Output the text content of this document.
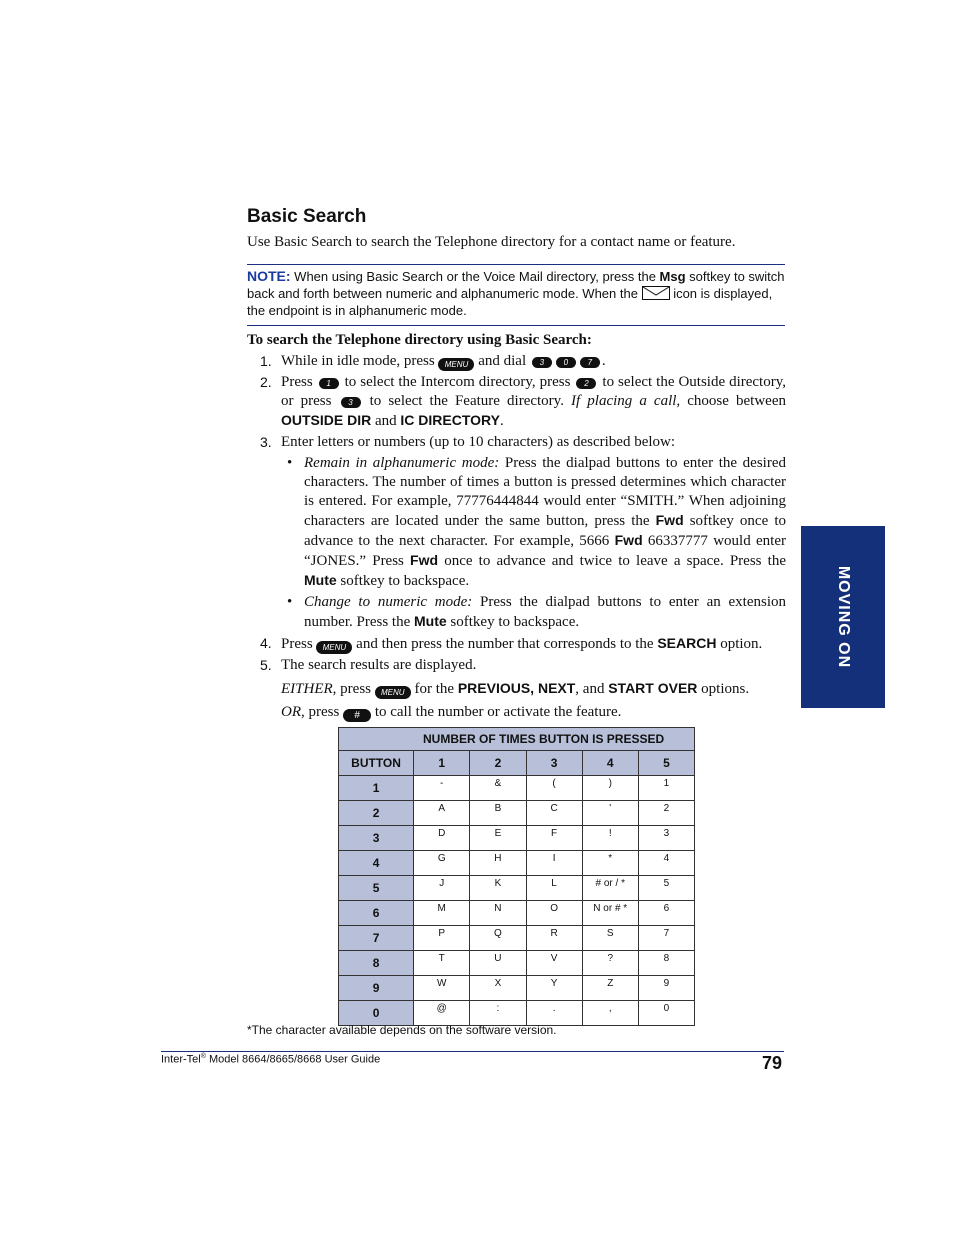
Basic Search
Use Basic Search to search the Telephone directory for a contact name or feature.
NOTE: When using Basic Search or the Voice Mail directory, press the Msg softkey to switch back and forth between numeric and alphanumeric mode. When the  icon is displayed, the endpoint is in alphanumeric mode.
To search the Telephone directory using Basic Search:
1. While in idle mode, press MENU and dial 3 0 7 .
2. Press 1 to select the Intercom directory, press 2 to select the Outside directory, or press 3 to select the Feature directory. If placing a call, choose between OUTSIDE DIR and IC DIRECTORY.
3. Enter letters or numbers (up to 10 characters) as described below:
• Remain in alphanumeric mode: Press the dialpad buttons to enter the desired characters. The number of times a button is pressed determines which character is entered. For example, 77776444844 would enter “SMITH.” When adjoining characters are located under the same button, press the Fwd softkey once to advance to the next character. For example, 5666 Fwd 66337777 would enter “JONES.” Press Fwd once to advance and twice to leave a space. Press the Mute softkey to backspace.
• Change to numeric mode: Press the dialpad buttons to enter an extension number. Press the Mute softkey to backspace.
4. Press MENU and then press the number that corresponds to the SEARCH option.
5. The search results are displayed.
EITHER, press MENU for the PREVIOUS, NEXT, and START OVER options.
OR, press # to call the number or activate the feature.
NUMBER OF TIMES BUTTON IS PRESSED					

BUTTON	1	2	3	4	5
1	-	&	(	)	1
2	A	B	C	'	2
3	D	E	F	!	3
4	G	H	I	*	4
5	J	K	L	# or / *	5
6	M	N	O	N or # *	6
7	P	Q	R	S	7
8	T	U	V	?	8
9	W	X	Y	Z	9
0	@	:	.	,	0
*The character available depends on the software version.
Inter-Tel® Model 8664/8665/8668 User Guide	79
MOVING ON
